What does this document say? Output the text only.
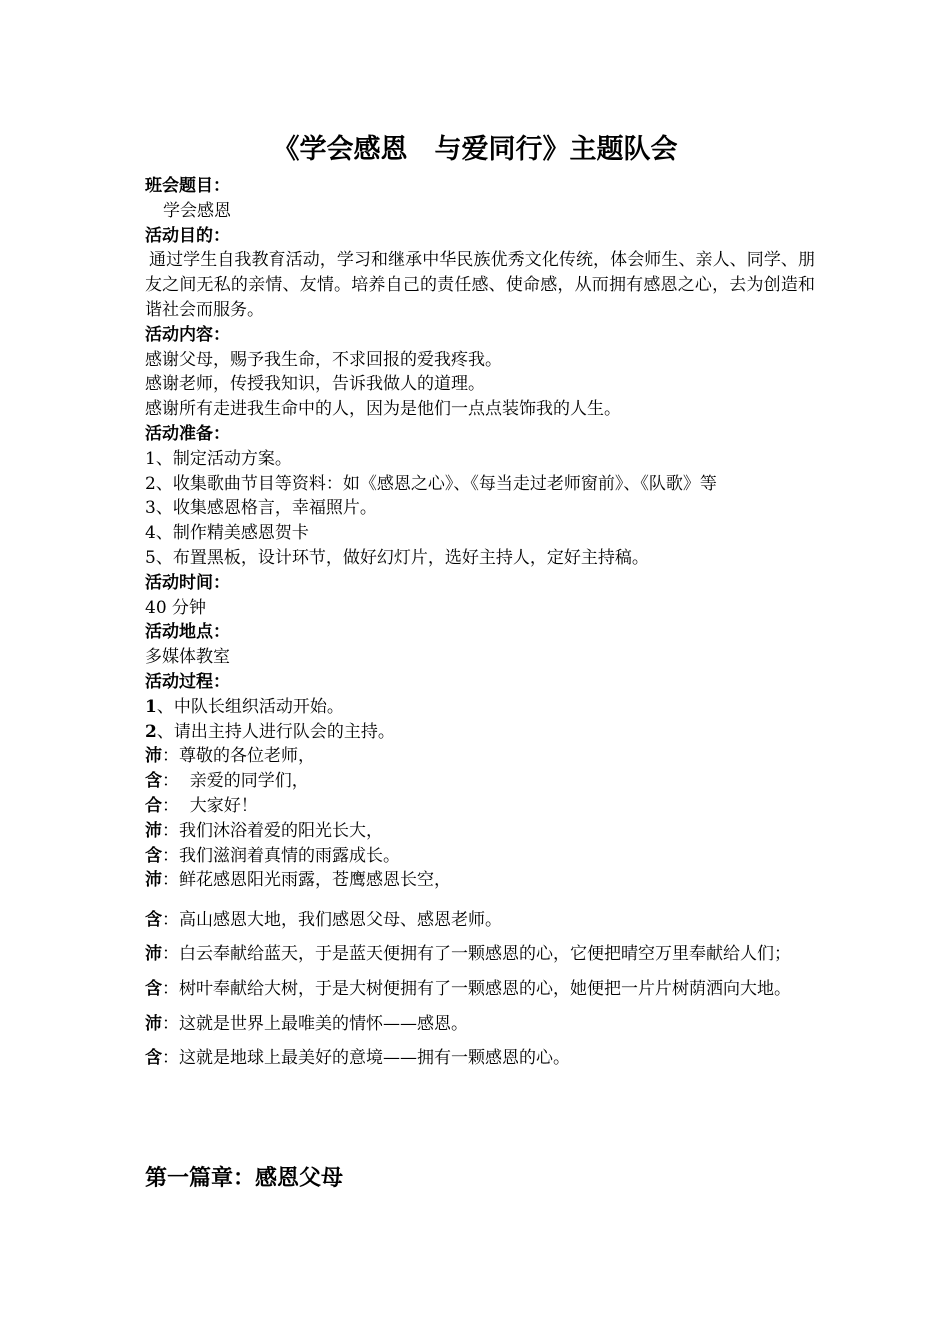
《学会感恩　与爱同行》主题队会

班会题目：

学会感恩

活动目的：

通过学生自我教育活动，学习和继承中华民族优秀文化传统，体会师生、亲人、同学、朋友之间无私的亲情、友情。培养自己的责任感、使命感，从而拥有感恩之心，去为创造和谐社会而服务。

活动内容：

感谢父母，赐予我生命，不求回报的爱我疼我。

感谢老师，传授我知识，告诉我做人的道理。

感谢所有走进我生命中的人，因为是他们一点点装饰我的人生。

活动准备：

1、制定活动方案。

2、收集歌曲节目等资料：如《感恩之心》、《每当走过老师窗前》、《队歌》等

3、收集感恩格言，幸福照片。

4、制作精美感恩贺卡

5、布置黑板，设计环节，做好幻灯片，选好主持人，定好主持稿。

活动时间：

40 分钟

活动地点：

多媒体教室

活动过程：

1、中队长组织活动开始。

2、请出主持人进行队会的主持。

沛：尊敬的各位老师，

含：  亲爱的同学们，

合：  大家好！

沛：我们沐浴着爱的阳光长大，

含：我们滋润着真情的雨露成长。

沛：鲜花感恩阳光雨露，苍鹰感恩长空，

含：高山感恩大地，我们感恩父母、感恩老师。

沛：白云奉献给蓝天，于是蓝天便拥有了一颗感恩的心，它便把晴空万里奉献给人们；

含：树叶奉献给大树，于是大树便拥有了一颗感恩的心，她便把一片片树荫洒向大地。

沛：这就是世界上最唯美的情怀——感恩。

含：这就是地球上最美好的意境——拥有一颗感恩的心。

第一篇章：感恩父母
